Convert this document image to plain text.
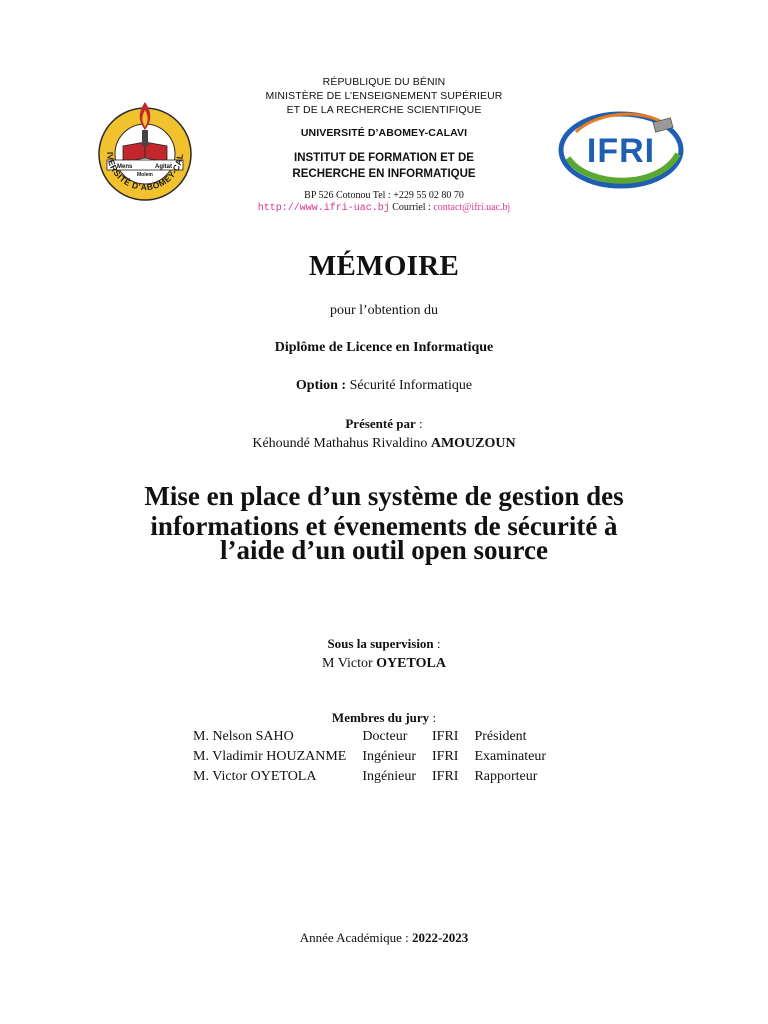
RÉPUBLIQUE DU BÉNIN
MINISTÈRE DE L’ENSEIGNEMENT SUPÉRIEUR
ET DE LA RECHERCHE SCIENTIFIQUE
UNIVERSITÉ D’ABOMEY-CALAVI
INSTITUT DE FORMATION ET DE
RECHERCHE EN INFORMATIQUE
BP 526 Cotonou Tel : +229 55 02 80 70
http://www.ifri-uac.bj Courriel : contact@ifri.uac.bj
Mens	Agitat
Molem
IVERSITÉ D’ABOMEY-CAL	IFRI
MÉMOIRE
pour l’obtention du
Diplôme de Licence en Informatique
Option : Sécurité Informatique
Présenté par :
Kéhoundé Mathahus Rivaldino AMOUZOUN
Mise en place d’un système de gestion des
informations et évenements de sécurité à
l’aide d’un outil open source
Sous la supervision :
M Victor OYETOLA
Membres du jury :
M. Nelson SAHO	Docteur	IFRI	Président
M. Vladimir HOUZANME	Ingénieur	IFRI	Examinateur
M. Victor OYETOLA	Ingénieur	IFRI	Rapporteur
Année Académique : 2022-2023
